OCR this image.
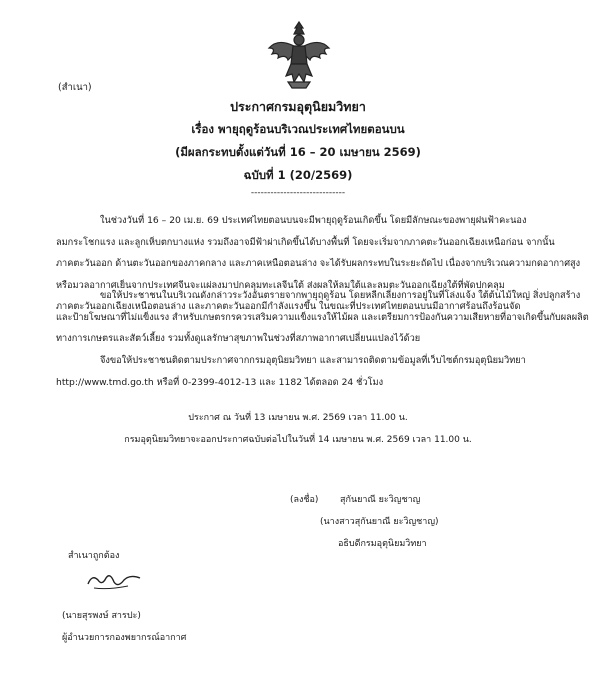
(สำเนา)
ประกาศกรมอุตุนิยมวิทยา
เรื่อง พายุฤดูร้อนบริเวณประเทศไทยตอนบน
(มีผลกระทบตั้งแต่วันที่ 16 – 20 เมษายน 2569)
ฉบับที่ 1 (20/2569)
-----------------------------
ในช่วงวันที่ 16 – 20 เม.ย. 69 ประเทศไทยตอนบนจะมีพายุฤดูร้อนเกิดขึ้น โดยมีลักษณะของพายุฝนฟ้าคะนอง
ลมกระโชกแรง และลูกเห็บตกบางแห่ง รวมถึงอาจมีฟ้าผ่าเกิดขึ้นได้บางพื้นที่ โดยจะเริ่มจากภาคตะวันออกเฉียงเหนือก่อน จากนั้น
ภาคตะวันออก ด้านตะวันออกของภาคกลาง และภาคเหนือตอนล่าง จะได้รับผลกระทบในระยะถัดไป เนื่องจากบริเวณความกดอากาศสูง
หรือมวลอากาศเย็นจากประเทศจีนจะแผ่ลงมาปกคลุมทะเลจีนใต้ ส่งผลให้ลมใต้และลมตะวันออกเฉียงใต้ที่พัดปกคลุม
ภาคตะวันออกเฉียงเหนือตอนล่าง และภาคตะวันออกมีกำลังแรงขึ้น ในขณะที่ประเทศไทยตอนบนมีอากาศร้อนถึงร้อนจัด
ขอให้ประชาชนในบริเวณดังกล่าวระวังอันตรายจากพายุฤดูร้อน โดยหลีกเลี่ยงการอยู่ในที่โล่งแจ้ง ใต้ต้นไม้ใหญ่ สิ่งปลูกสร้าง
และป้ายโฆษณาที่ไม่แข็งแรง สำหรับเกษตรกรควรเสริมความแข็งแรงให้ไม้ผล และเตรียมการป้องกันความเสียหายที่อาจเกิดขึ้นกับผลผลิต
ทางการเกษตรและสัตว์เลี้ยง รวมทั้งดูแลรักษาสุขภาพในช่วงที่สภาพอากาศเปลี่ยนแปลงไว้ด้วย
จึงขอให้ประชาชนติดตามประกาศจากกรมอุตุนิยมวิทยา และสามารถติดตามข้อมูลที่เว็บไซต์กรมอุตุนิยมวิทยา
http://www.tmd.go.th หรือที่ 0-2399-4012-13 และ 1182 ได้ตลอด 24 ชั่วโมง
ประกาศ ณ วันที่ 13 เมษายน พ.ศ. 2569 เวลา 11.00 น.
กรมอุตุนิยมวิทยาจะออกประกาศฉบับต่อไปในวันที่ 14 เมษายน พ.ศ. 2569 เวลา 11.00 น.
(ลงชื่อ) สุกันยาณี ยะวิญชาญ
(นางสาวสุกันยาณี ยะวิญชาญ)
อธิบดีกรมอุตุนิยมวิทยา
สำเนาถูกต้อง
(นายสุรพงษ์ สารปะ)
ผู้อำนวยการกองพยากรณ์อากาศ
